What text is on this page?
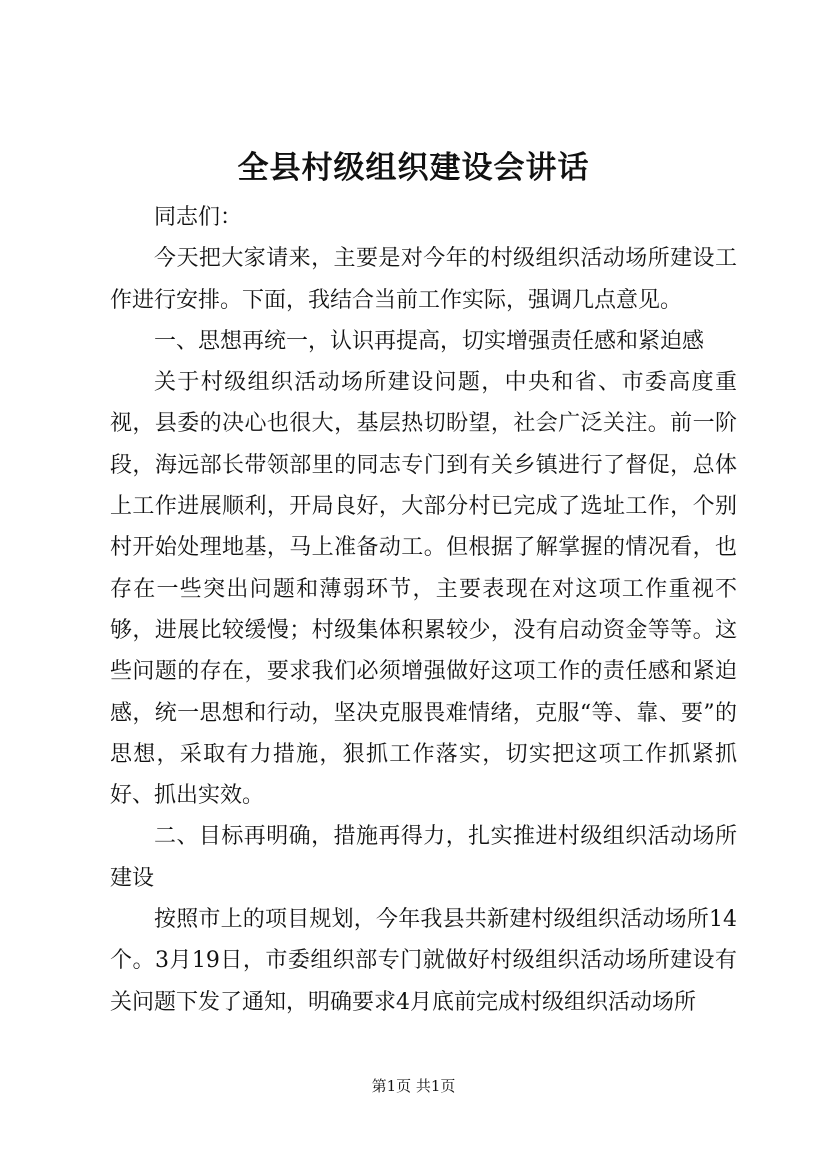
全县村级组织建设会讲话

同志们：

今天把大家请来，主要是对今年的村级组织活动场所建设工作进行安排。下面，我结合当前工作实际，强调几点意见。

一、思想再统一，认识再提高，切实增强责任感和紧迫感

关于村级组织活动场所建设问题，中央和省、市委高度重视，县委的决心也很大，基层热切盼望，社会广泛关注。前一阶段，海远部长带领部里的同志专门到有关乡镇进行了督促，总体上工作进展顺利，开局良好，大部分村已完成了选址工作，个别村开始处理地基，马上准备动工。但根据了解掌握的情况看，也存在一些突出问题和薄弱环节，主要表现在对这项工作重视不够，进展比较缓慢；村级集体积累较少，没有启动资金等等。这些问题的存在，要求我们必须增强做好这项工作的责任感和紧迫感，统一思想和行动，坚决克服畏难情绪，克服“等、靠、要”的思想，采取有力措施，狠抓工作落实，切实把这项工作抓紧抓好、抓出实效。

二、目标再明确，措施再得力，扎实推进村级组织活动场所建设

按照市上的项目规划，今年我县共新建村级组织活动场所14个。3月19日，市委组织部专门就做好村级组织活动场所建设有关问题下发了通知，明确要求4月底前完成村级组织活动场所

第1页 共1页
